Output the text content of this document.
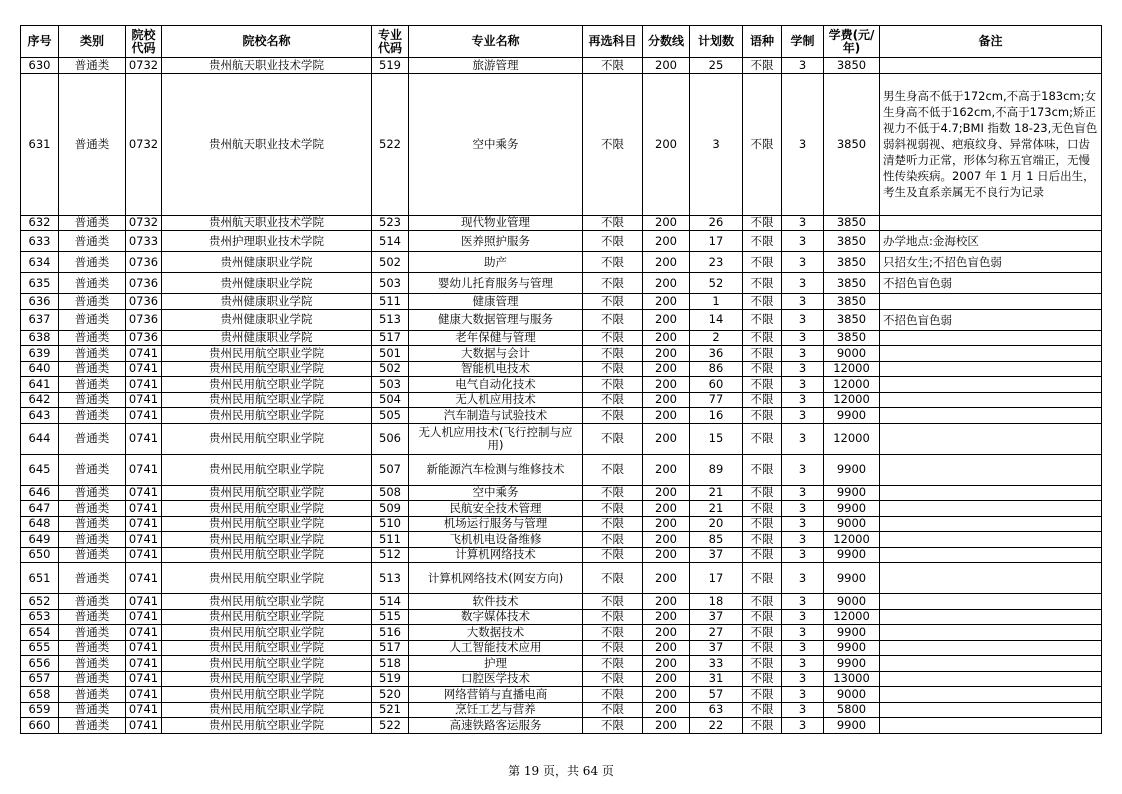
序号	类别	院校代码	院校名称	专业代码	专业名称	再选科目	分数线	计划数	语种	学制	学费(元/年)	备注
630	普通类	0732	贵州航天职业技术学院	519	旅游管理	不限	200	25	不限	3	3850	
631	普通类	0732	贵州航天职业技术学院	522	空中乘务	不限	200	3	不限	3	3850	男生身高不低于172cm,不高于183cm;女生身高不低于162cm,不高于173cm;矫正视力不低于4.7;BMI 指数 18-23,无色盲色弱斜视弱视、疤痕纹身、异常体味，口齿清楚听力正常，形体匀称五官端正，无慢性传染疾病。2007 年 1 月 1 日后出生，考生及直系亲属无不良行为记录
632	普通类	0732	贵州航天职业技术学院	523	现代物业管理	不限	200	26	不限	3	3850	
633	普通类	0733	贵州护理职业技术学院	514	医养照护服务	不限	200	17	不限	3	3850	办学地点:金海校区
634	普通类	0736	贵州健康职业学院	502	助产	不限	200	23	不限	3	3850	只招女生;不招色盲色弱
635	普通类	0736	贵州健康职业学院	503	婴幼儿托育服务与管理	不限	200	52	不限	3	3850	不招色盲色弱
636	普通类	0736	贵州健康职业学院	511	健康管理	不限	200	1	不限	3	3850	
637	普通类	0736	贵州健康职业学院	513	健康大数据管理与服务	不限	200	14	不限	3	3850	不招色盲色弱
638	普通类	0736	贵州健康职业学院	517	老年保健与管理	不限	200	2	不限	3	3850	
639	普通类	0741	贵州民用航空职业学院	501	大数据与会计	不限	200	36	不限	3	9000	
640	普通类	0741	贵州民用航空职业学院	502	智能机电技术	不限	200	86	不限	3	12000	
641	普通类	0741	贵州民用航空职业学院	503	电气自动化技术	不限	200	60	不限	3	12000	
642	普通类	0741	贵州民用航空职业学院	504	无人机应用技术	不限	200	77	不限	3	12000	
643	普通类	0741	贵州民用航空职业学院	505	汽车制造与试验技术	不限	200	16	不限	3	9900	
644	普通类	0741	贵州民用航空职业学院	506	无人机应用技术(飞行控制与应用)	不限	200	15	不限	3	12000	
645	普通类	0741	贵州民用航空职业学院	507	新能源汽车检测与维修技术	不限	200	89	不限	3	9900	
646	普通类	0741	贵州民用航空职业学院	508	空中乘务	不限	200	21	不限	3	9900	
647	普通类	0741	贵州民用航空职业学院	509	民航安全技术管理	不限	200	21	不限	3	9900	
648	普通类	0741	贵州民用航空职业学院	510	机场运行服务与管理	不限	200	20	不限	3	9000	
649	普通类	0741	贵州民用航空职业学院	511	飞机机电设备维修	不限	200	85	不限	3	12000	
650	普通类	0741	贵州民用航空职业学院	512	计算机网络技术	不限	200	37	不限	3	9900	
651	普通类	0741	贵州民用航空职业学院	513	计算机网络技术(网安方向)	不限	200	17	不限	3	9900	
652	普通类	0741	贵州民用航空职业学院	514	软件技术	不限	200	18	不限	3	9000	
653	普通类	0741	贵州民用航空职业学院	515	数字媒体技术	不限	200	37	不限	3	12000	
654	普通类	0741	贵州民用航空职业学院	516	大数据技术	不限	200	27	不限	3	9900	
655	普通类	0741	贵州民用航空职业学院	517	人工智能技术应用	不限	200	37	不限	3	9900	
656	普通类	0741	贵州民用航空职业学院	518	护理	不限	200	33	不限	3	9900	
657	普通类	0741	贵州民用航空职业学院	519	口腔医学技术	不限	200	31	不限	3	13000	
658	普通类	0741	贵州民用航空职业学院	520	网络营销与直播电商	不限	200	57	不限	3	9000	
659	普通类	0741	贵州民用航空职业学院	521	烹饪工艺与营养	不限	200	63	不限	3	5800	
660	普通类	0741	贵州民用航空职业学院	522	高速铁路客运服务	不限	200	22	不限	3	9900	
第 19 页，共 64 页
